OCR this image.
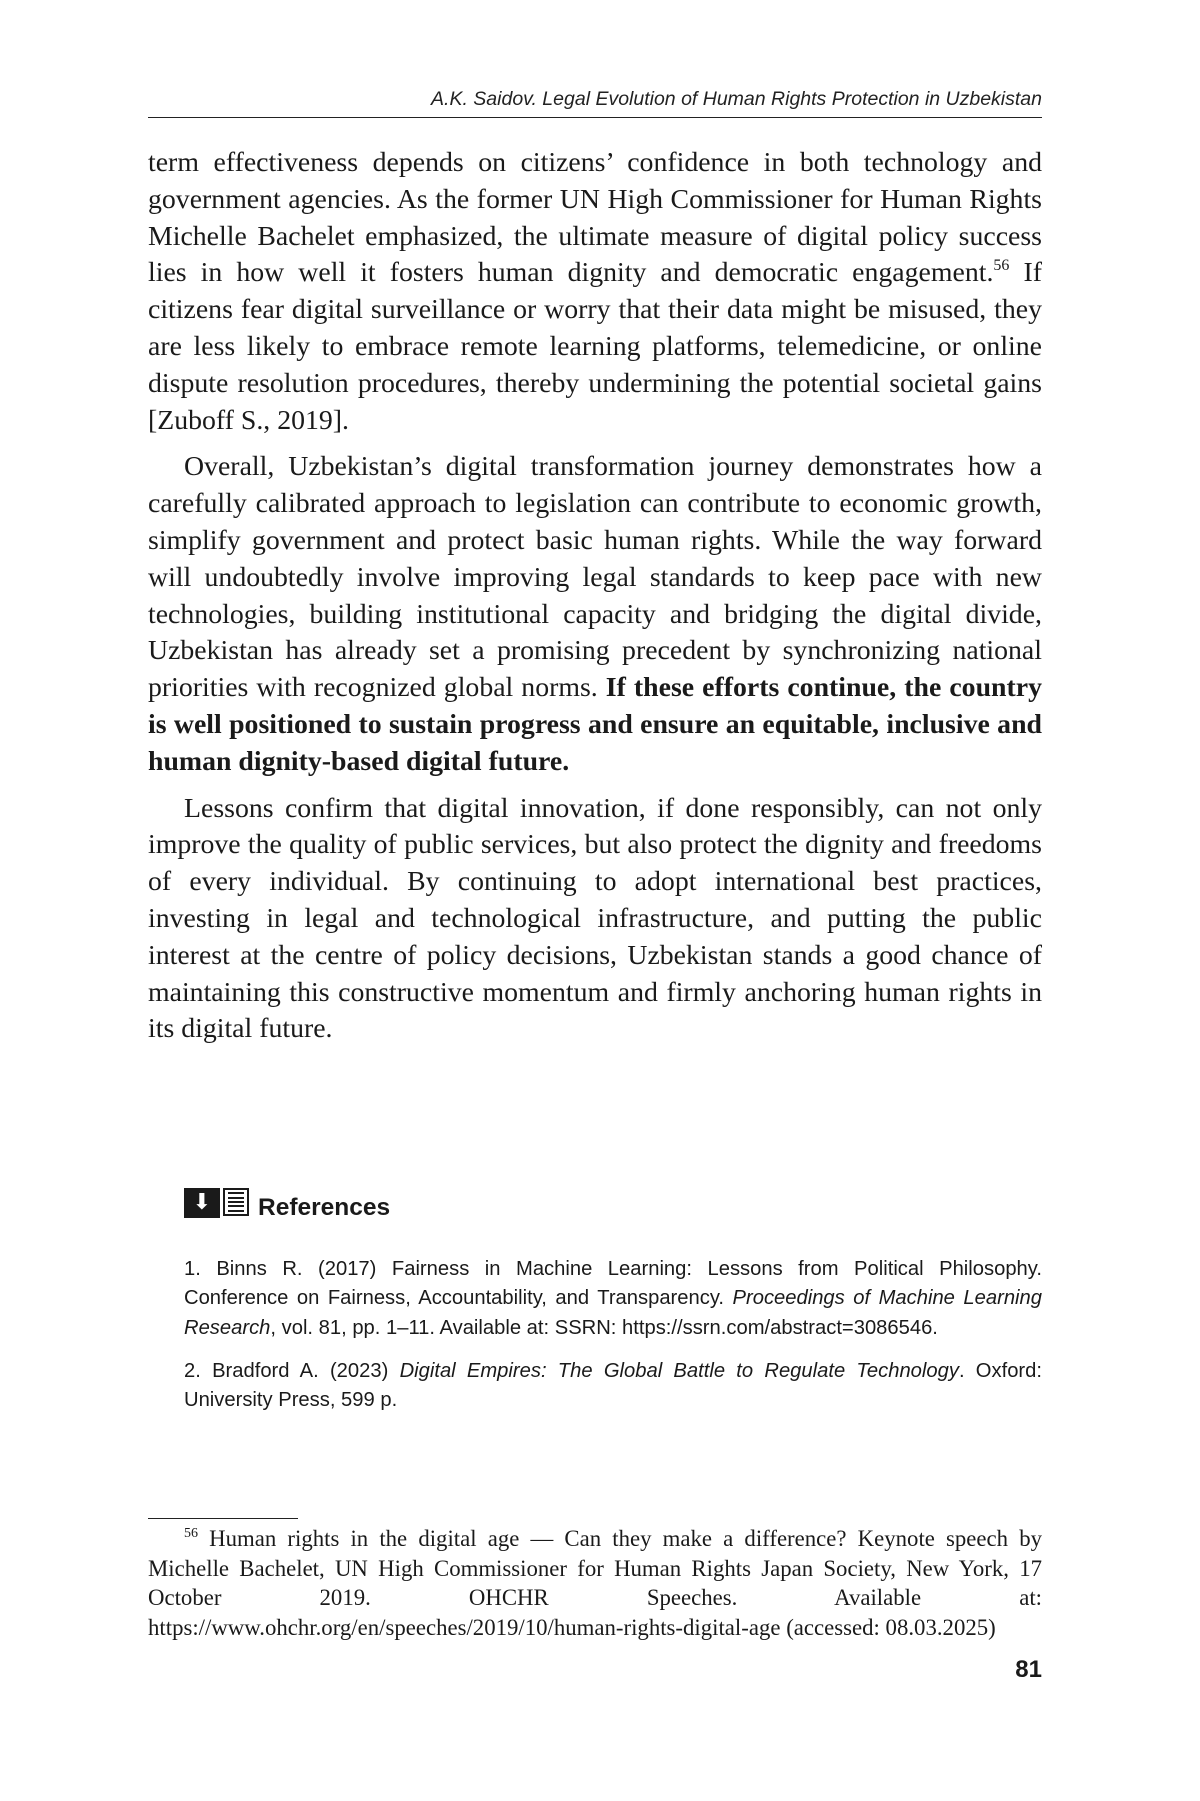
A.K. Saidov. Legal Evolution of Human Rights Protection in Uzbekistan

term effectiveness depends on citizens’ confidence in both technology and government agencies. As the former UN High Commissioner for Human Rights Michelle Bachelet emphasized, the ultimate measure of digital policy success lies in how well it fosters human dignity and democratic engagement.$^{56}$ If citizens fear digital surveillance or worry that their data might be misused, they are less likely to embrace remote learning platforms, telemedicine, or online dispute resolution procedures, thereby undermining the potential societal gains [Zuboff S., 2019].

Overall, Uzbekistan’s digital transformation journey demonstrates how a carefully calibrated approach to legislation can contribute to economic growth, simplify government and protect basic human rights. While the way forward will undoubtedly involve improving legal standards to keep pace with new technologies, building institutional capacity and bridging the digital divide, Uzbekistan has already set a promising precedent by synchronizing national priorities with recognized global norms. If these efforts continue, the country is well positioned to sustain progress and ensure an equitable, inclusive and human dignity-based digital future.

Lessons confirm that digital innovation, if done responsibly, can not only improve the quality of public services, but also protect the dignity and freedoms of every individual. By continuing to adopt international best practices, investing in legal and technological infrastructure, and putting the public interest at the centre of policy decisions, Uzbekistan stands a good chance of maintaining this constructive momentum and firmly anchoring human rights in its digital future.

⬇	References

1. Binns R. (2017) Fairness in Machine Learning: Lessons from Political Philosophy. Conference on Fairness, Accountability, and Transparency. Proceedings of Machine Learning Research, vol. 81, pp. 1–11. Available at: SSRN: https://ssrn.com/abstract=3086546.

2. Bradford A. (2023) Digital Empires: The Global Battle to Regulate Technology. Oxford: University Press, 599 p.

$^{56}$ Human rights in the digital age — Can they make a difference? Keynote speech by Michelle Bachelet, UN High Commissioner for Human Rights Japan Society, New York, 17 October 2019. OHCHR Speeches. Available at: https://www.ohchr.org/en/speeches/2019/10/human-rights-digital-age (accessed: 08.03.2025)

81
